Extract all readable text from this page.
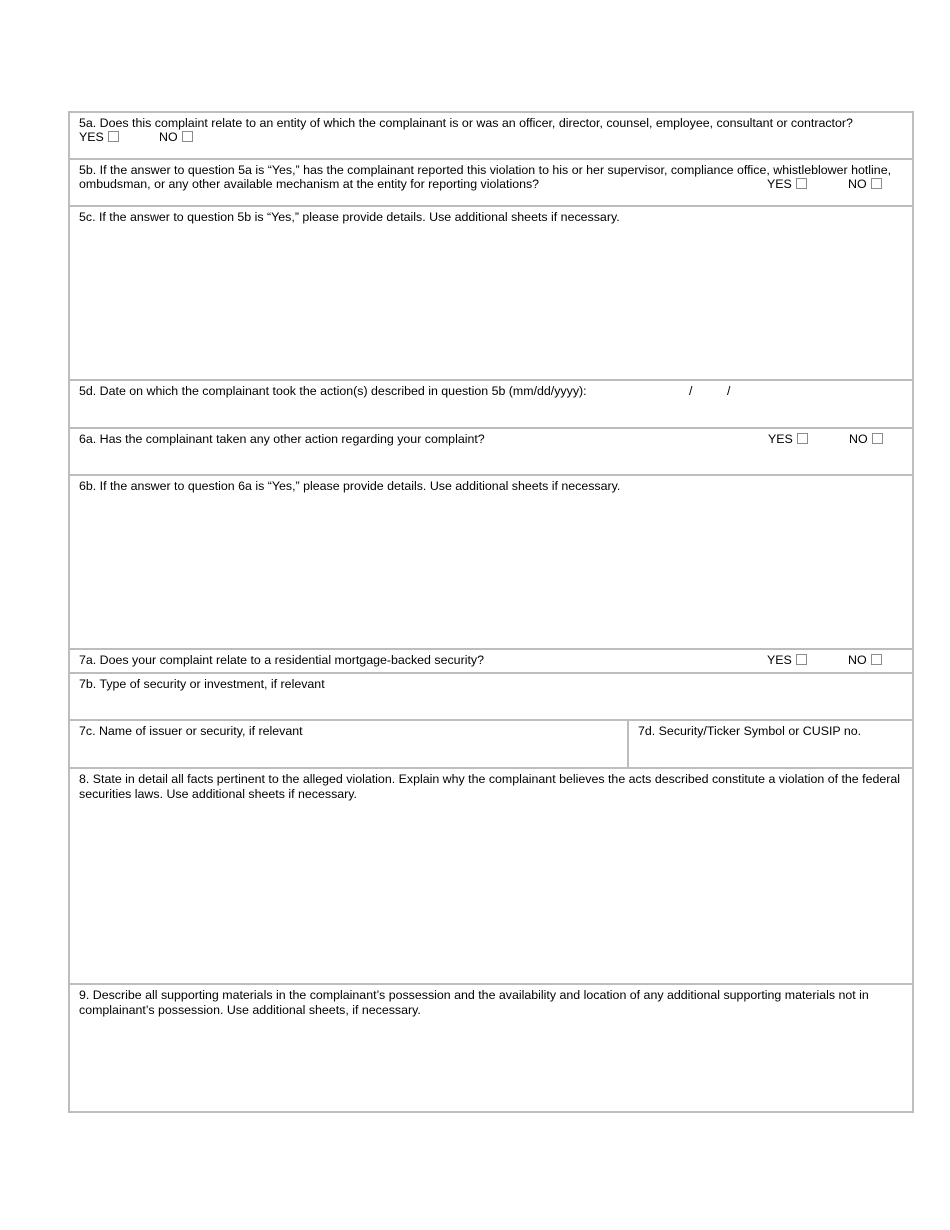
5a. Does this complaint relate to an entity of which the complainant is or was an officer, director, counsel, employee, consultant or contractor?
YES	NO
5b. If the answer to question 5a is “Yes,” has the complainant reported this violation to his or her supervisor, compliance office, whistleblower hotline,
ombudsman, or any other available mechanism at the entity for reporting violations?	YES	NO
5c. If the answer to question 5b is “Yes,” please provide details. Use additional sheets if necessary.
5d. Date on which the complainant took the action(s) described in question 5b (mm/dd/yyyy):	/	/
6a. Has the complainant taken any other action regarding your complaint?	YES	NO
6b. If the answer to question 6a is “Yes,” please provide details. Use additional sheets if necessary.
7a. Does your complaint relate to a residential mortgage-backed security?	YES	NO
7b. Type of security or investment, if relevant
7c. Name of issuer or security, if relevant	7d. Security/Ticker Symbol or CUSIP no.
8. State in detail all facts pertinent to the alleged violation. Explain why the complainant believes the acts described constitute a violation of the federal securities laws. Use additional sheets if necessary.
9. Describe all supporting materials in the complainant’s possession and the availability and location of any additional supporting materials not in complainant’s possession. Use additional sheets, if necessary.
